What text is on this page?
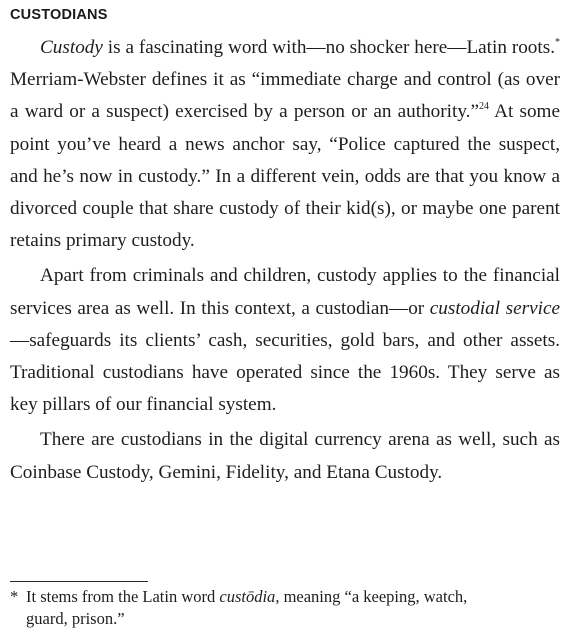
CUSTODIANS

Custody is a fascinating word with—no shocker here—Latin roots.* Merriam-Webster defines it as “immediate charge and control (as over a ward or a suspect) exercised by a person or an authority.”$^{24}$ At some point you’ve heard a news anchor say, “Police captured the suspect, and he’s now in custody.” In a different vein, odds are that you know a divorced couple that share custody of their kid(s), or maybe one parent retains primary custody.

Apart from criminals and children, custody applies to the financial services area as well. In this context, a custodian—or custodial service—safeguards its clients’ cash, securities, gold bars, and other assets. Traditional custodians have operated since the 1960s. They serve as key pillars of our financial system.

There are custodians in the digital currency arena as well, such as Coinbase Custody, Gemini, Fidelity, and Etana Custody.

* It stems from the Latin word custōdia, meaning “a keeping, watch,
guard, prison.”
